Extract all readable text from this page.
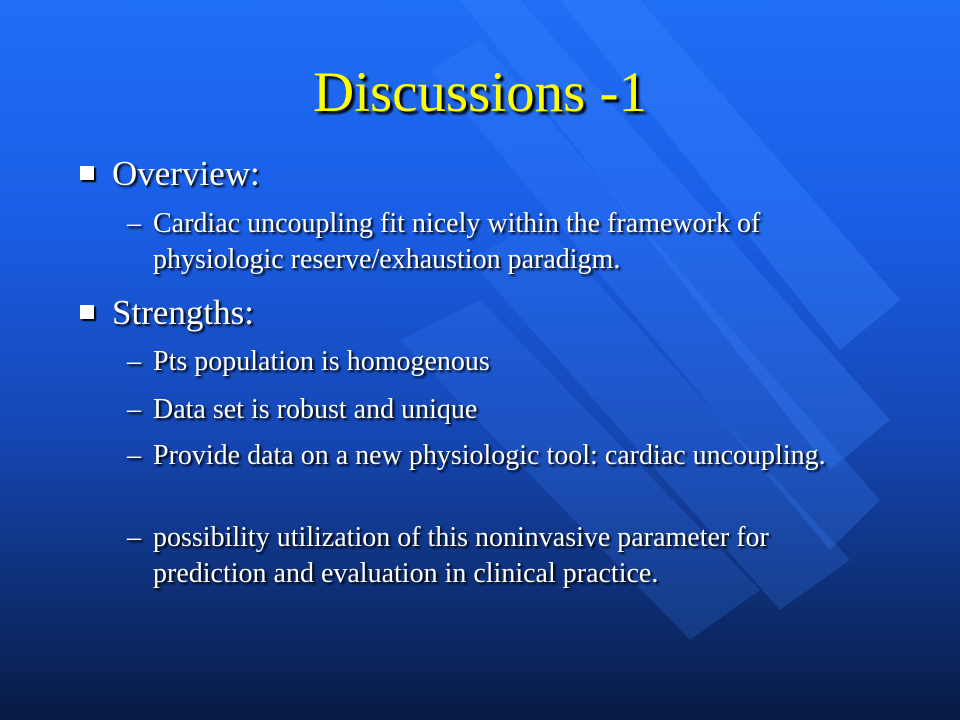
Discussions -1
Overview:
– Cardiac uncoupling fit nicely within the framework of physiologic reserve/exhaustion paradigm.
Strengths:
– Pts population is homogenous
– Data set is robust and unique
– Provide data on a new physiologic tool: cardiac uncoupling.
– possibility utilization of this noninvasive parameter for prediction and evaluation in clinical practice.
